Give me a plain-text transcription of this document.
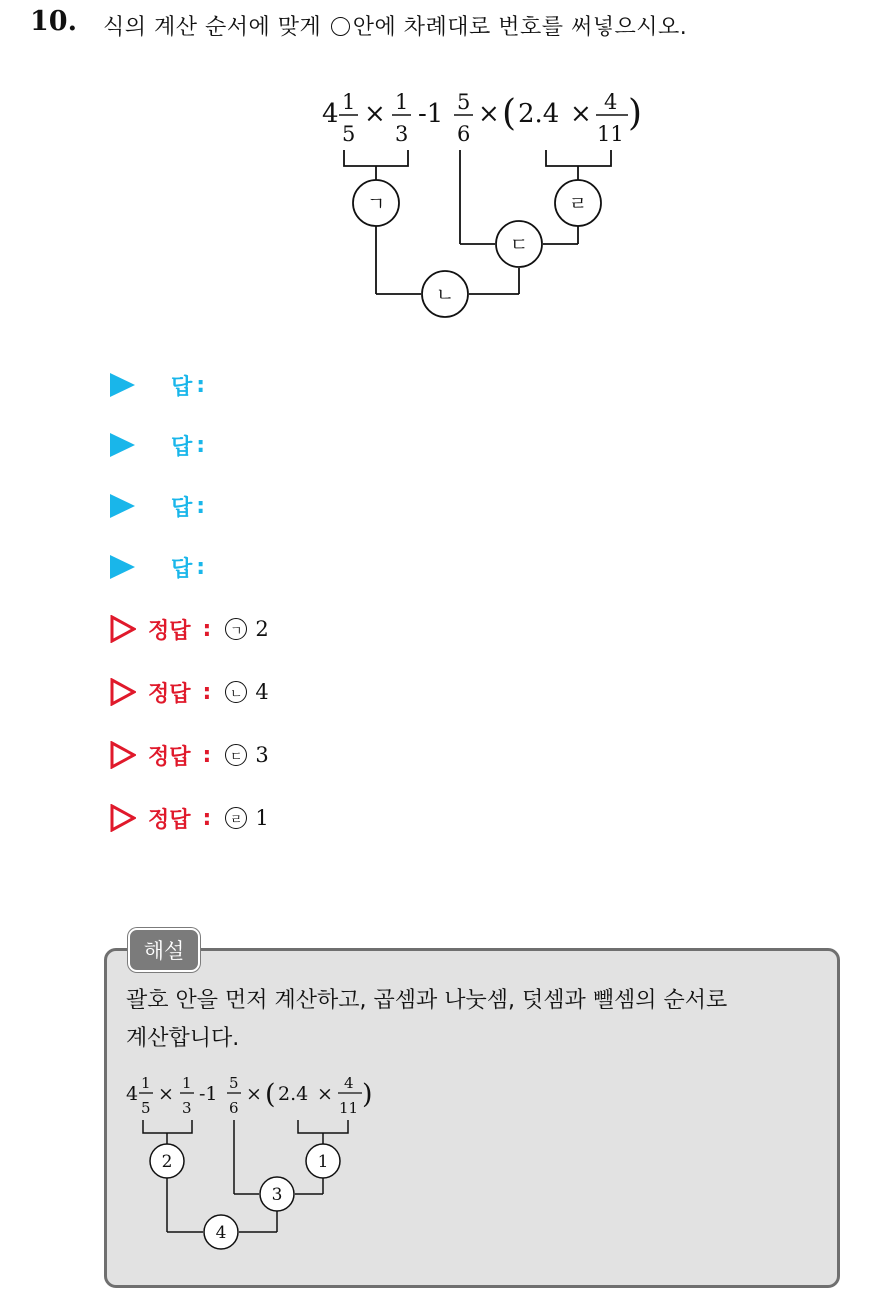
10. 식의 계산 순서에 맞게 안에 차례대로 번호를 써넣으시오.
4 1
5
× 1
3
-1 5
6
× ( 2.4 × 4
11 )
ㄱ	ㄹ
ㄷ
ㄴ
답 :
답 :
답 :
답 :
정답 :	ㄱ 2
정답 :	ㄴ 4
정답 :	ㄷ 3
정답 :	ㄹ 1
해설
괄호 안을 먼저 계산하고, 곱셈과 나눗셈, 덧셈과 뺄셈의 순서로
계산합니다.
4 1
5
× 1
3
-1 5
6
× ( 2.4 × 4
11 )
2	1
3
4
